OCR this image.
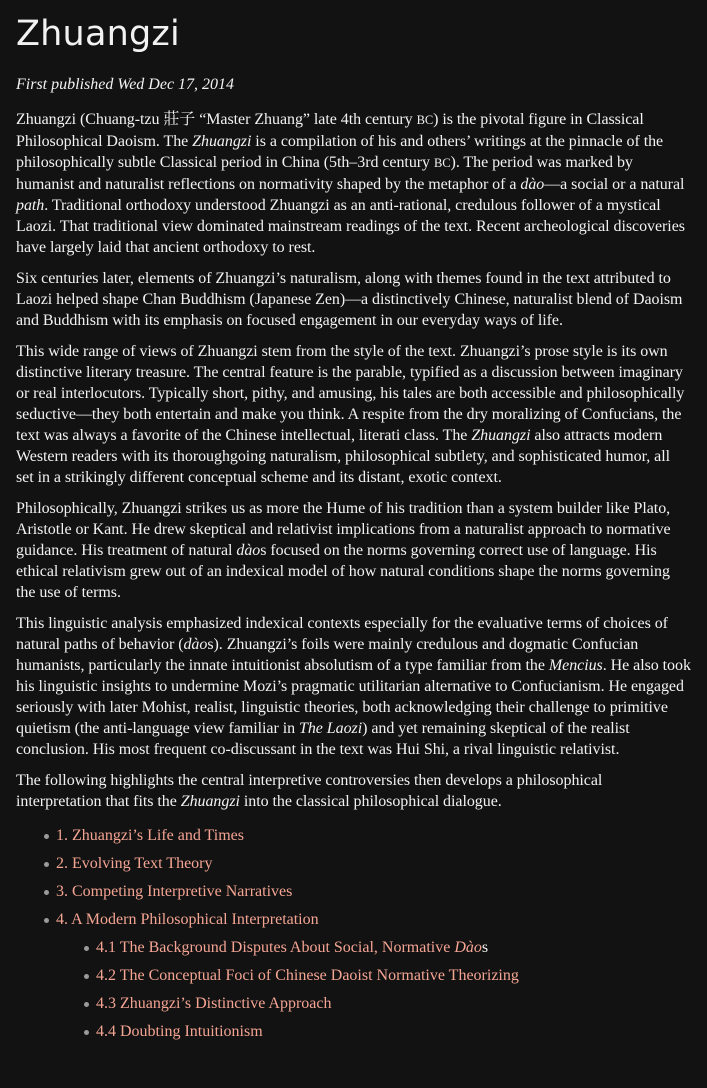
Zhuangzi

First published Wed Dec 17, 2014

Zhuangzi (Chuang-tzu 莊子 “Master Zhuang” late 4th century BC) is the pivotal figure in Classical Philosophical Daoism. The Zhuangzi is a compilation of his and others’ writings at the pinnacle of the philosophically subtle Classical period in China (5th–3rd century BC). The period was marked by humanist and naturalist reflections on normativity shaped by the metaphor of a dào—a social or a natural path. Traditional orthodoxy understood Zhuangzi as an anti-rational, credulous follower of a mystical Laozi. That traditional view dominated mainstream readings of the text. Recent archeological discoveries have largely laid that ancient orthodoxy to rest.

Six centuries later, elements of Zhuangzi’s naturalism, along with themes found in the text attributed to Laozi helped shape Chan Buddhism (Japanese Zen)—a distinctively Chinese, naturalist blend of Daoism and Buddhism with its emphasis on focused engagement in our everyday ways of life.

This wide range of views of Zhuangzi stem from the style of the text. Zhuangzi’s prose style is its own distinctive literary treasure. The central feature is the parable, typified as a discussion between imaginary or real interlocutors. Typically short, pithy, and amusing, his tales are both accessible and philosophically seductive—they both entertain and make you think. A respite from the dry moralizing of Confucians, the text was always a favorite of the Chinese intellectual, literati class. The Zhuangzi also attracts modern Western readers with its thoroughgoing naturalism, philosophical subtlety, and sophisticated humor, all set in a strikingly different conceptual scheme and its distant, exotic context.

Philosophically, Zhuangzi strikes us as more the Hume of his tradition than a system builder like Plato, Aristotle or Kant. He drew skeptical and relativist implications from a naturalist approach to normative guidance. His treatment of natural dàos focused on the norms governing correct use of language. His ethical relativism grew out of an indexical model of how natural conditions shape the norms governing the use of terms.

This linguistic analysis emphasized indexical contexts especially for the evaluative terms of choices of natural paths of behavior (dàos). Zhuangzi’s foils were mainly credulous and dogmatic Confucian humanists, particularly the innate intuitionist absolutism of a type familiar from the Mencius. He also took his linguistic insights to undermine Mozi’s pragmatic utilitarian alternative to Confucianism. He engaged seriously with later Mohist, realist, linguistic theories, both acknowledging their challenge to primitive quietism (the anti-language view familiar in The Laozi) and yet remaining skeptical of the realist conclusion. His most frequent co-discussant in the text was Hui Shi, a rival linguistic relativist.

The following highlights the central interpretive controversies then develops a philosophical interpretation that fits the Zhuangzi into the classical philosophical dialogue.

1. Zhuangzi’s Life and Times
2. Evolving Text Theory
3. Competing Interpretive Narratives
4. A Modern Philosophical Interpretation
4.1 The Background Disputes About Social, Normative Dàos
4.2 The Conceptual Foci of Chinese Daoist Normative Theorizing
4.3 Zhuangzi’s Distinctive Approach
4.4 Doubting Intuitionism
